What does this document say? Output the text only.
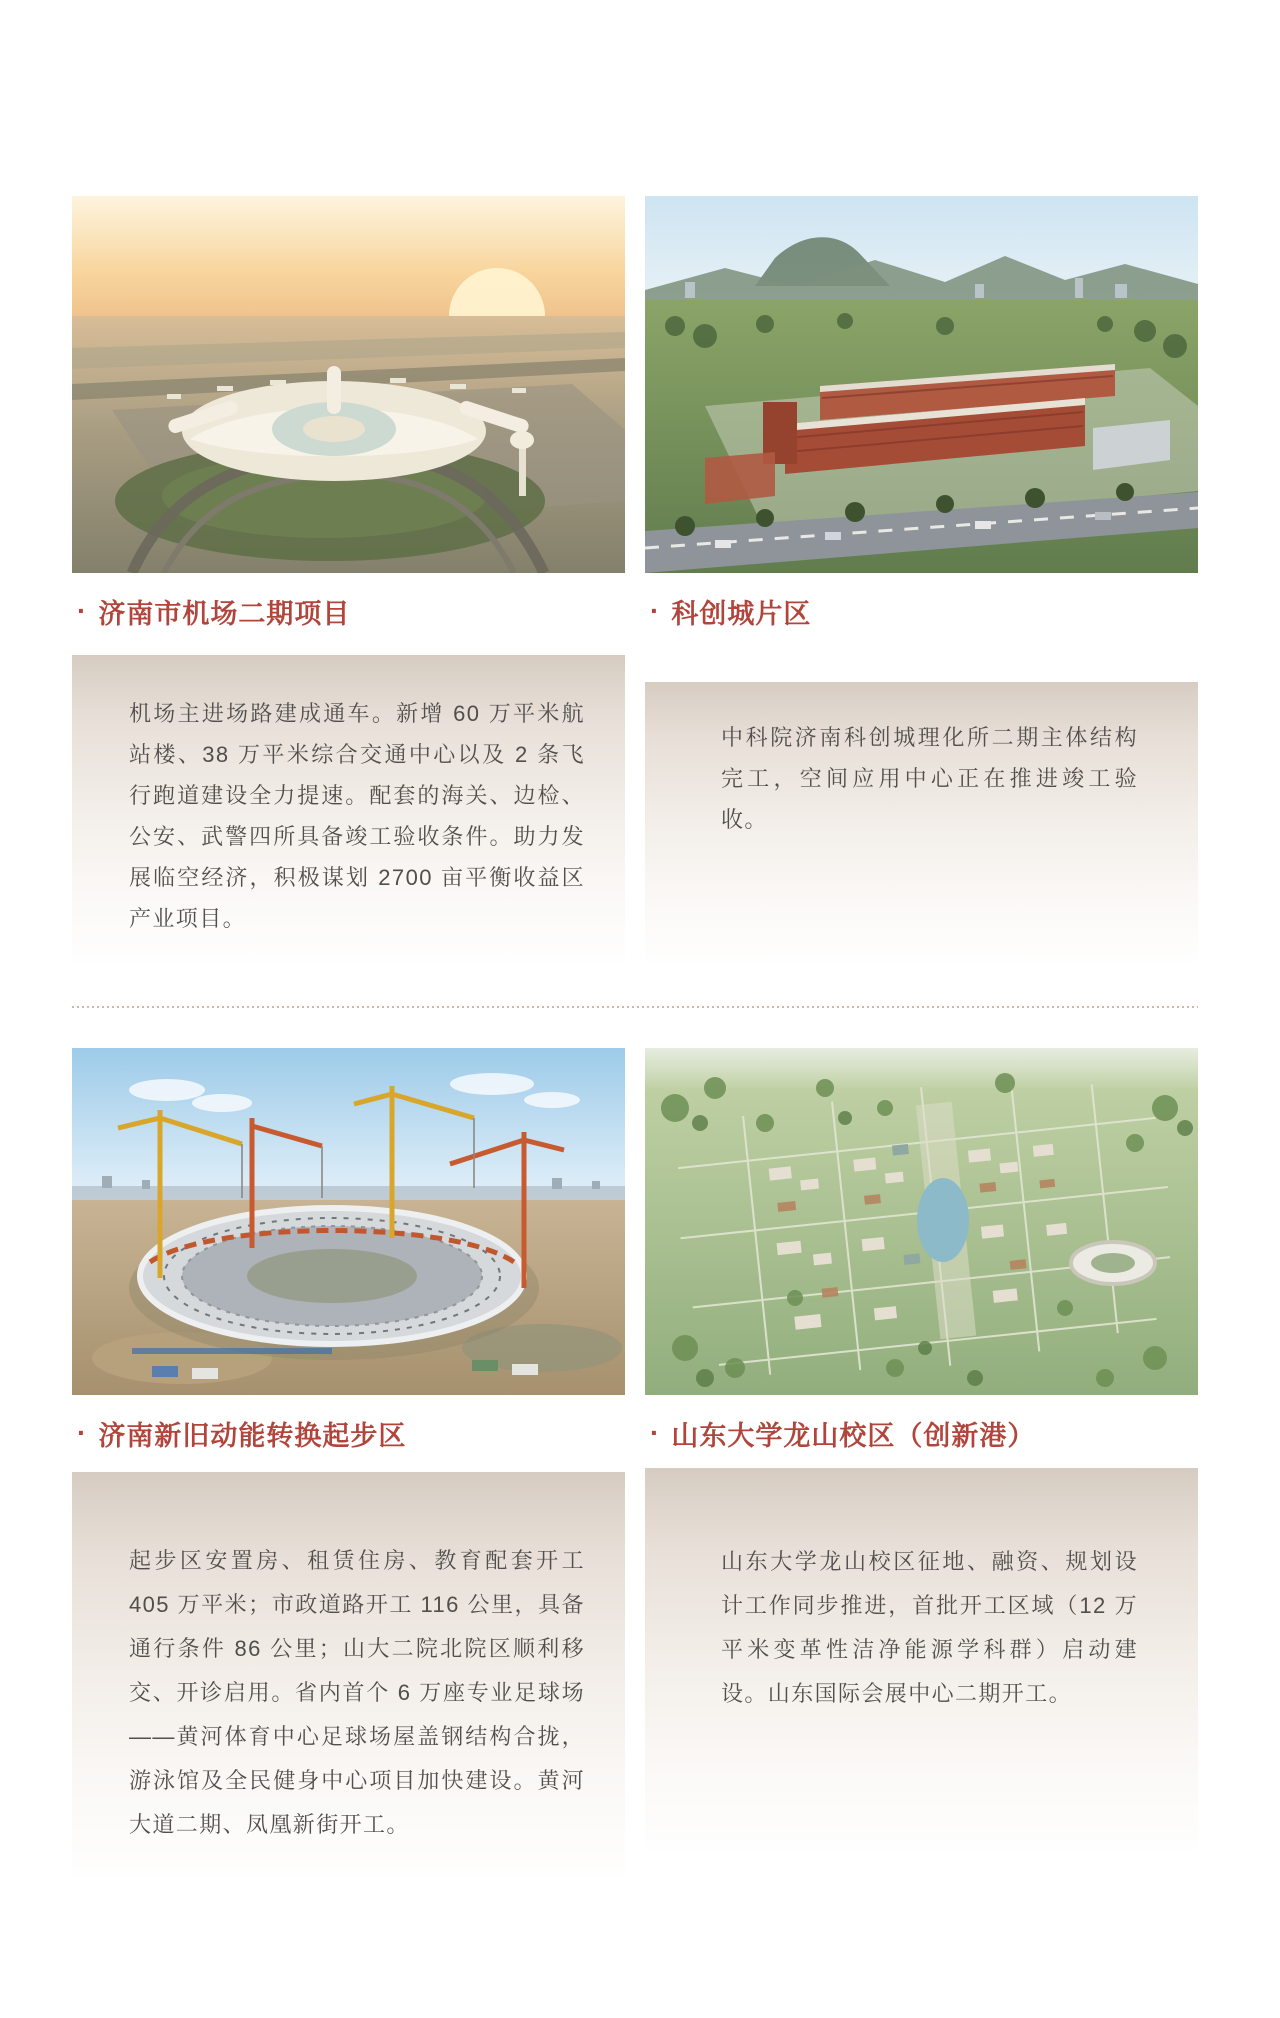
· 济南市机场二期项目	· 科创城片区

机场主进场路建成通车。新增 60 万平米航站楼、38 万平米综合交通中心以及 2 条飞行跑道建设全力提速。配套的海关、边检、公安、武警四所具备竣工验收条件。助力发展临空经济，积极谋划 2700 亩平衡收益区产业项目。

中科院济南科创城理化所二期主体结构完工，空间应用中心正在推进竣工验收。

· 济南新旧动能转换起步区	· 山东大学龙山校区（创新港）

起步区安置房、租赁住房、教育配套开工 405 万平米；市政道路开工 116 公里，具备通行条件 86 公里；山大二院北院区顺利移交、开诊启用。省内首个 6 万座专业足球场——黄河体育中心足球场屋盖钢结构合拢，游泳馆及全民健身中心项目加快建设。黄河大道二期、凤凰新街开工。

山东大学龙山校区征地、融资、规划设计工作同步推进，首批开工区域（12 万平米变革性洁净能源学科群）启动建设。山东国际会展中心二期开工。
